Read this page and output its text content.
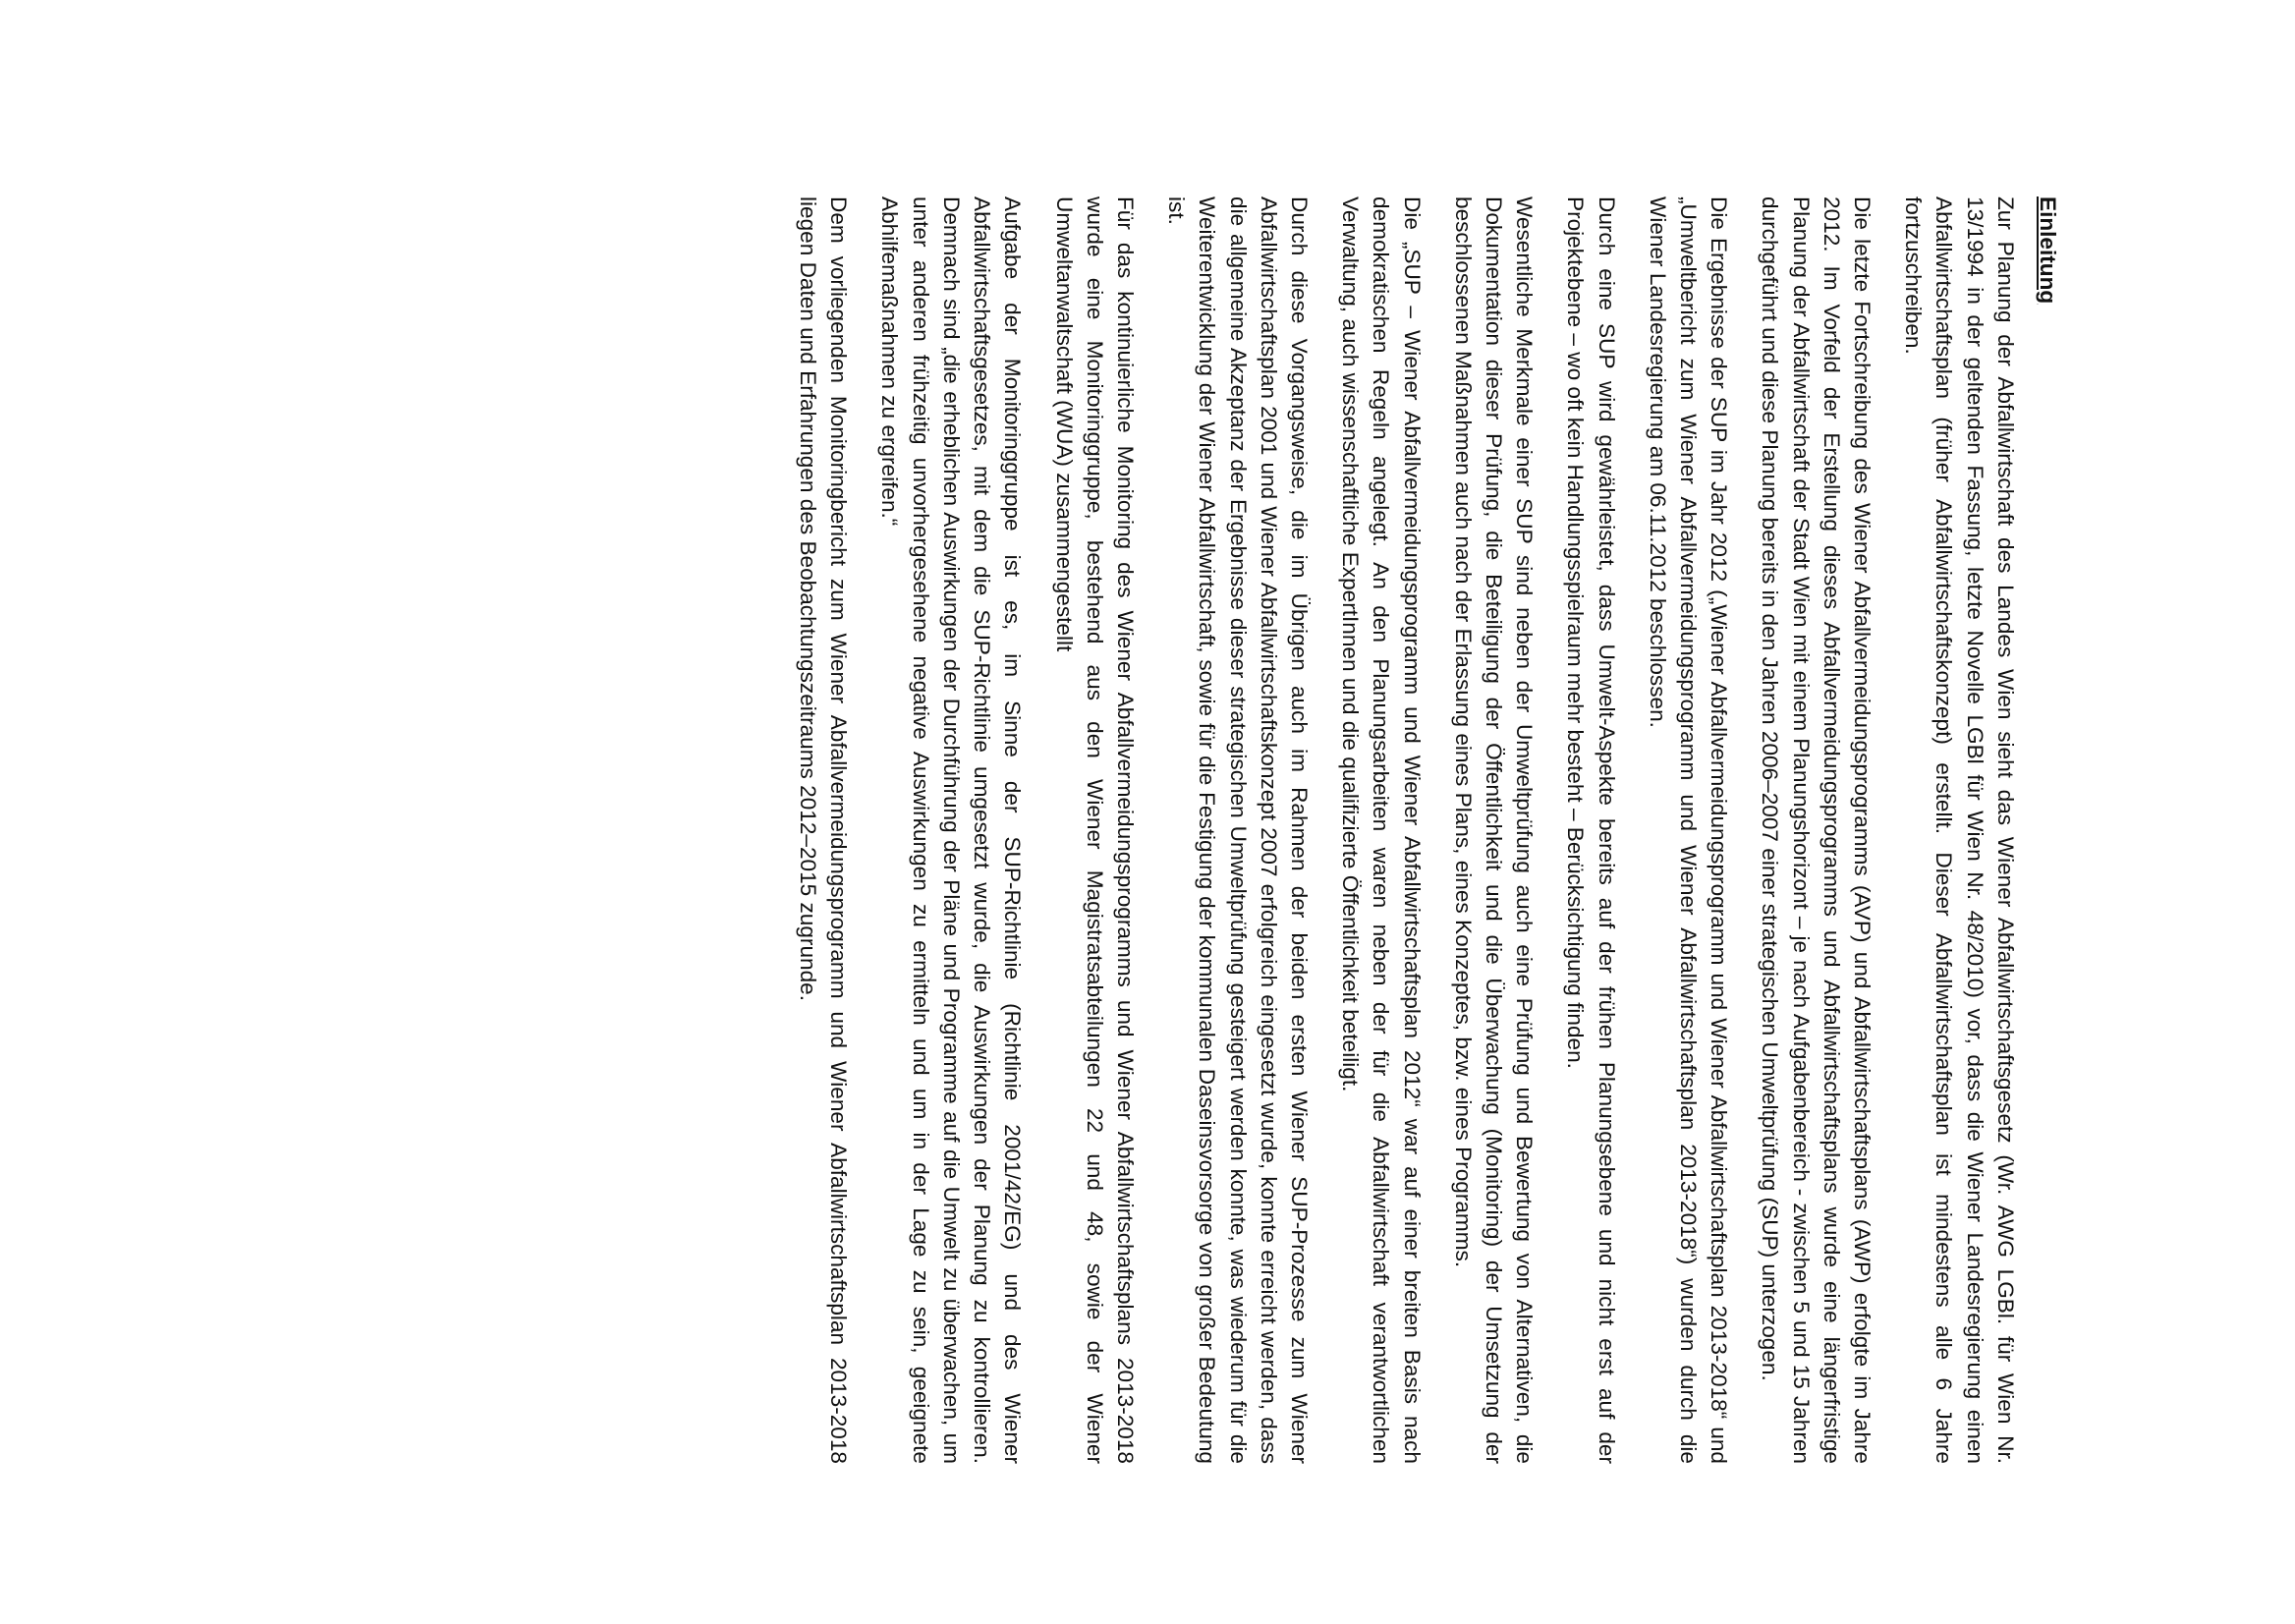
Einleitung

Zur Planung der Abfallwirtschaft des Landes Wien sieht das Wiener Abfallwirtschaftsgesetz (Wr. AWG LGBl. für Wien Nr. 13/1994 in der geltenden Fassung, letzte Novelle LGBl für Wien Nr. 48/2010) vor, dass die Wiener Landesregierung einen Abfallwirtschaftsplan (früher Abfallwirtschaftskonzept) erstellt. Dieser Abfallwirtschaftsplan ist mindestens alle 6 Jahre fortzuschreiben.

Die letzte Fortschreibung des Wiener Abfallvermeidungsprogramms (AVP) und Abfallwirtschaftsplans (AWP) erfolgte im Jahre 2012. Im Vorfeld der Erstellung dieses Abfallvermeidungsprogramms und Abfallwirtschaftsplans wurde eine längerfristige Planung der Abfallwirtschaft der Stadt Wien mit einem Planungshorizont – je nach Aufgabenbereich - zwischen 5 und 15 Jahren durchgeführt und diese Planung bereits in den Jahren 2006–2007 einer strategischen Umweltprüfung (SUP) unterzogen.

Die Ergebnisse der SUP im Jahr 2012 („Wiener Abfallvermeidungsprogramm und Wiener Abfallwirtschaftsplan 2013-2018“ und „Umweltbericht zum Wiener Abfallvermeidungsprogramm und Wiener Abfallwirtschaftsplan 2013-2018“) wurden durch die Wiener Landesregierung am 06.11.2012 beschlossen.

Durch eine SUP wird gewährleistet, dass Umwelt-Aspekte bereits auf der frühen Planungsebene und nicht erst auf der Projektebene – wo oft kein Handlungsspielraum mehr besteht – Berücksichtigung finden.

Wesentliche Merkmale einer SUP sind neben der Umweltprüfung auch eine Prüfung und Bewertung von Alternativen, die Dokumentation dieser Prüfung, die Beteiligung der Öffentlichkeit und die Überwachung (Monitoring) der Umsetzung der beschlossenen Maßnahmen auch nach der Erlassung eines Plans, eines Konzeptes, bzw. eines Programms.

Die „SUP – Wiener Abfallvermeidungsprogramm und Wiener Abfallwirtschaftsplan 2012“ war auf einer breiten Basis nach demokratischen Regeln angelegt. An den Planungsarbeiten waren neben der für die Abfallwirtschaft verantwortlichen Verwaltung, auch wissenschaftliche ExpertInnen und die qualifizierte Öffentlichkeit beteiligt.

Durch diese Vorgangsweise, die im Übrigen auch im Rahmen der beiden ersten Wiener SUP-Prozesse zum Wiener Abfallwirtschaftsplan 2001 und Wiener Abfallwirtschaftskonzept 2007 erfolgreich eingesetzt wurde, konnte erreicht werden, dass die allgemeine Akzeptanz der Ergebnisse dieser strategischen Umweltprüfung gesteigert werden konnte, was wiederum für die Weiterentwicklung der Wiener Abfallwirtschaft, sowie für die Festigung der kommunalen Daseinsvorsorge von großer Bedeutung ist.

Für das kontinuierliche Monitoring des Wiener Abfallvermeidungsprogramms und Wiener Abfallwirtschaftsplans 2013-2018 wurde eine Monitoringgruppe, bestehend aus den Wiener Magistratsabteilungen 22 und 48, sowie der Wiener Umweltanwaltschaft (WUA) zusammengestellt

Aufgabe der Monitoringgruppe ist es, im Sinne der SUP-Richtlinie (Richtlinie 2001/42/EG) und des Wiener Abfallwirtschaftsgesetzes, mit dem die SUP-Richtlinie umgesetzt wurde, die Auswirkungen der Planung zu kontrollieren. Demnach sind „die erheblichen Auswirkungen der Durchführung der Pläne und Programme auf die Umwelt zu überwachen, um unter anderen frühzeitig unvorhergesehene negative Auswirkungen zu ermitteln und um in der Lage zu sein, geeignete Abhilfemaßnahmen zu ergreifen.“

Dem vorliegenden Monitoringbericht zum Wiener Abfallvermeidungsprogramm und Wiener Abfallwirtschaftsplan 2013-2018 liegen Daten und Erfahrungen des Beobachtungszeitraums 2012–2015 zugrunde.
